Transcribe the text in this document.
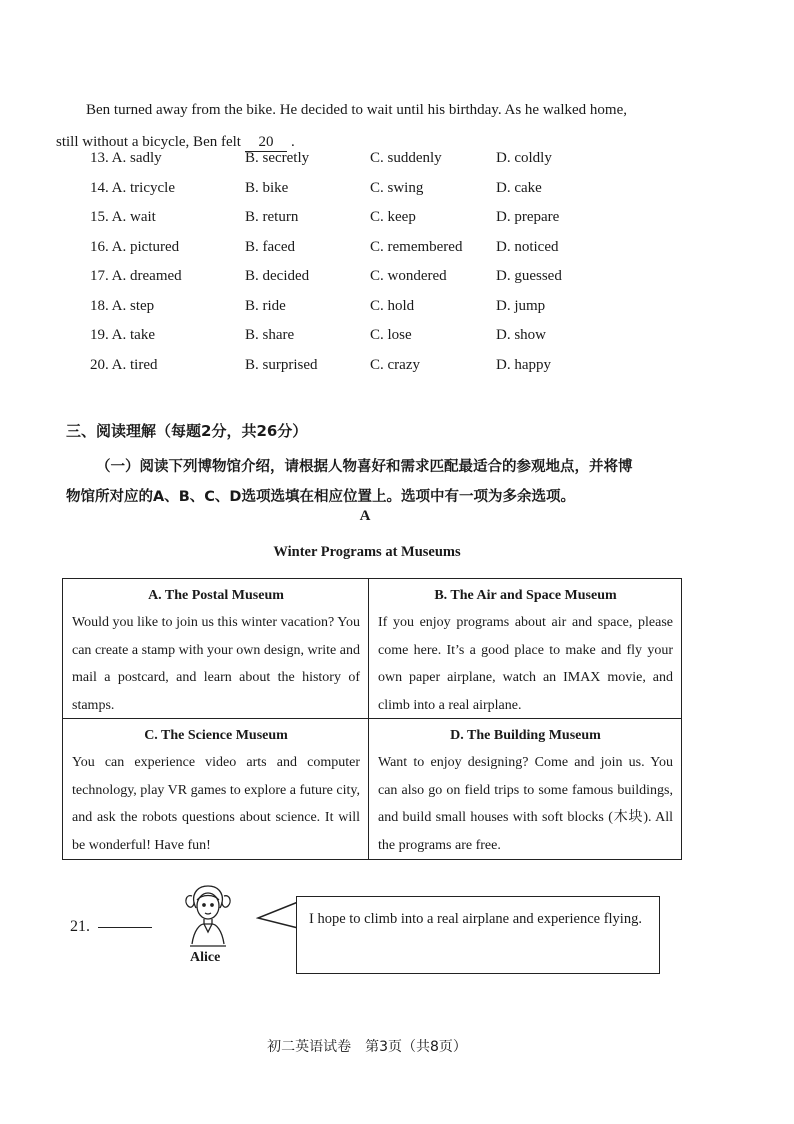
Ben turned away from the bike. He decided to wait until his birthday. As he walked home,
still without a bicycle, Ben felt 20 .
13. A. sadly	B. secretly	C. suddenly	D. coldly
14. A. tricycle	B. bike	C. swing	D. cake
15. A. wait	B. return	C. keep	D. prepare
16. A. pictured	B. faced	C. remembered D. noticed
17. A. dreamed	B. decided	C. wondered	D. guessed
18. A. step	B. ride	C. hold	D. jump
19. A. take	B. share	C. lose	D. show
20. A. tired	B. surprised	C. crazy	D. happy
三、阅读理解（每题2分，共26分）
（一）阅读下列博物馆介绍，请根据人物喜好和需求匹配最适合的参观地点，并将博
物馆所对应的A、B、C、D选项选填在相应位置上。选项中有一项为多余选项。
A
Winter Programs at Museums
A. The Postal Museum
Would you like to join us this winter vacation? You can create a stamp with your own design, write and mail a postcard, and learn about the history of stamps.
B. The Air and Space Museum
If you enjoy programs about air and space, please come here. It’s a good place to make and fly your own paper airplane, watch an IMAX movie, and climb into a real airplane.
C. The Science Museum
You can experience video arts and computer technology, play VR games to explore a future city, and ask the robots questions about science. It will be wonderful! Have fun!
D. The Building Museum
Want to enjoy designing? Come and join us. You can also go on field trips to some famous buildings, and build small houses with soft blocks (木块). All the programs are free.
21.
Alice
I hope to climb into a real airplane and experience flying.
初二英语试卷　第3页（共8页）
